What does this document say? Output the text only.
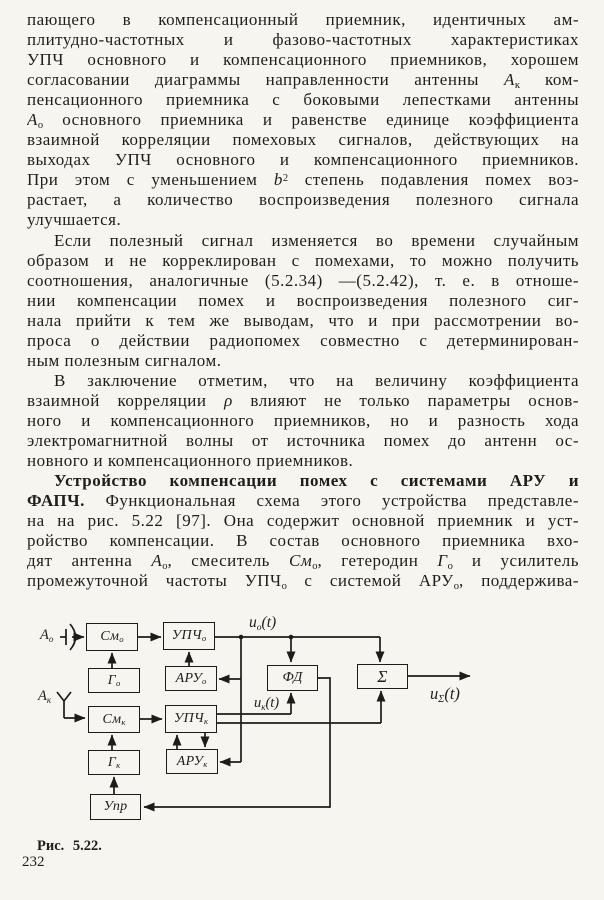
пающего в компенсационный приемник, идентичных ам-
плитудно-частотных и фазово-частотных характеристиках
УПЧ основного и компенсационного приемников, хорошем
согласовании диаграммы направленности антенны $А_к$ ком-
пенсационного приемника с боковыми лепестками антенны
$А_о$ основного приемника и равенстве единице коэффициента
взаимной корреляции помеховых сигналов, действующих на
выходах УПЧ основного и компенсационного приемников.
При этом с уменьшением $b^2$ степень подавления помех воз-
растает, а количество воспроизведения полезного сигнала
улучшается.
Если полезный сигнал изменяется во времени случайным
образом и не корреклирован с помехами, то можно получить
соотношения, аналогичные (5.2.34) —(5.2.42), т. е. в отноше-
нии компенсации помех и воспроизведения полезного сиг-
нала прийти к тем же выводам, что и при рассмотрении во-
проса о действии радиопомех совместно с детерминирован-
ным полезным сигналом.
В заключение отметим, что на величину коэффициента
взаимной корреляции ρ влияют не только параметры основ-
ного и компенсационного приемников, но и разность хода
электромагнитной волны от источника помех до антенн ос-
новного и компенсационного приемников.
Устройство компенсации помех с системами АРУ и
ФАПЧ. Функциональная схема этого устройства представле-
на на рис. 5.22 [97]. Она содержит основной приемник и уст-
ройство компенсации. В состав основного приемника вхо-
дят антенна $А_о$, смеситель $См_о$, гетеродин $Г_о$ и усилитель
промежуточной частоты $УПЧ_о$ с системой $АРУ_о$, поддержива-
$См_о$	$УПЧ_о$
$Г_о$	$АРУ_о$	ФД	Σ
$См_к$	$УПЧ_к$
$Г_к$	$АРУ_к$
Упр
$А_о$
$А_к$
$u_о(t)$
$u_к(t)$	$u_\Sigma(t)$
Рис. 5.22.
232
